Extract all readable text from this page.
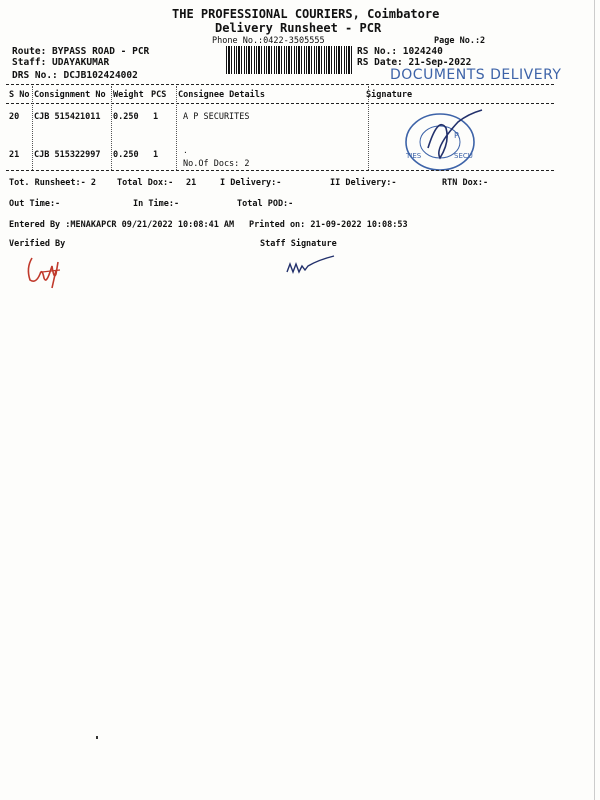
THE PROFESSIONAL COURIERS, Coimbatore
Delivery Runsheet - PCR
Phone No.:0422-3505555	Page No.:2
Route: BYPASS ROAD - PCR
Staff: UDAYAKUMAR
DRS No.: DCJB102424002
RS No.: 1024240
RS Date: 21-Sep-2022
DOCUMENTS DELIVERY
S No Consignment No Weight PCS Consignee Details	Signature
20 CJB 515421011 0.250 1	A P SECURITES
21 CJB 515322997 0.250 1	.
No.Of Docs: 2
P.
SECU
TIES
Tot. Runsheet:- 2 Total Dox:- 21	I Delivery:-	II Delivery:-	RTN Dox:-
Out Time:-	In Time:-	Total POD:-
Entered By :MENAKAPCR 09/21/2022 10:08:41 AM Printed on: 21-09-2022 10:08:53
Verified By	Staff Signature
